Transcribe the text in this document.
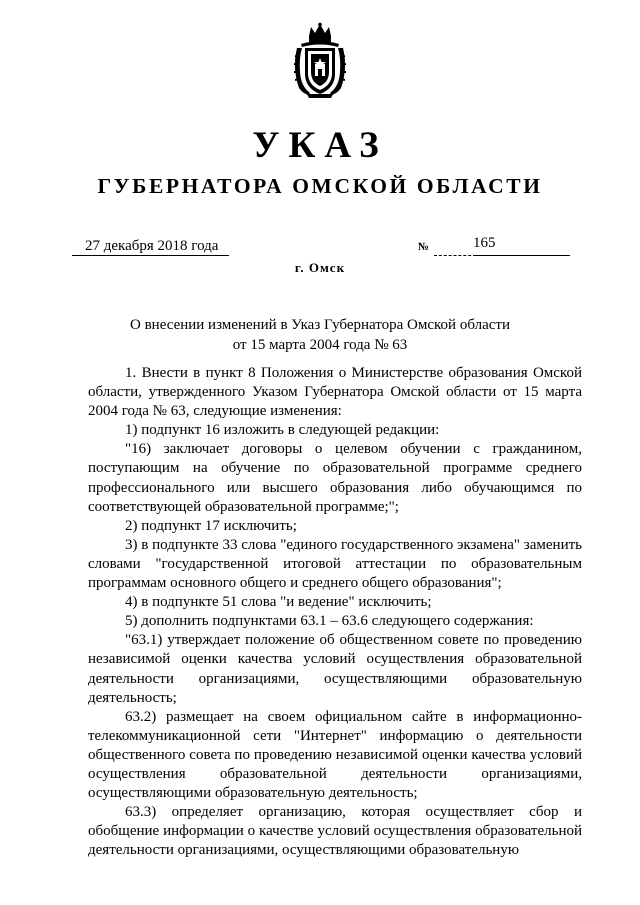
УКАЗ
ГУБЕРНАТОРА ОМСКОЙ ОБЛАСТИ
27 декабря 2018 года	№	165
г. Омск
О внесении изменений в Указ Губернатора Омской области
от 15 марта 2004 года № 63

1. Внести в пункт 8 Положения о Министерстве образования Омской области, утвержденного Указом Губернатора Омской области от 15 марта 2004 года № 63, следующие изменения:

1) подпункт 16 изложить в следующей редакции:

"16) заключает договоры о целевом обучении с гражданином, поступающим на обучение по образовательной программе среднего профессионального или высшего образования либо обучающимся по соответствующей образовательной программе;";

2) подпункт 17 исключить;

3) в подпункте 33 слова "единого государственного экзамена" заменить словами "государственной итоговой аттестации по образовательным программам основного общего и среднего общего образования";

4) в подпункте 51 слова "и ведение" исключить;

5) дополнить подпунктами 63.1 – 63.6 следующего содержания:

"63.1) утверждает положение об общественном совете по проведению независимой оценки качества условий осуществления образовательной деятельности организациями, осуществляющими образовательную деятельность;

63.2) размещает на своем официальном сайте в информационно-телекоммуникационной сети "Интернет" информацию о деятельности общественного совета по проведению независимой оценки качества условий осуществления образовательной деятельности организациями, осуществляющими образовательную деятельность;

63.3) определяет организацию, которая осуществляет сбор и обобщение информации о качестве условий осуществления образовательной деятельности организациями, осуществляющими образовательную
